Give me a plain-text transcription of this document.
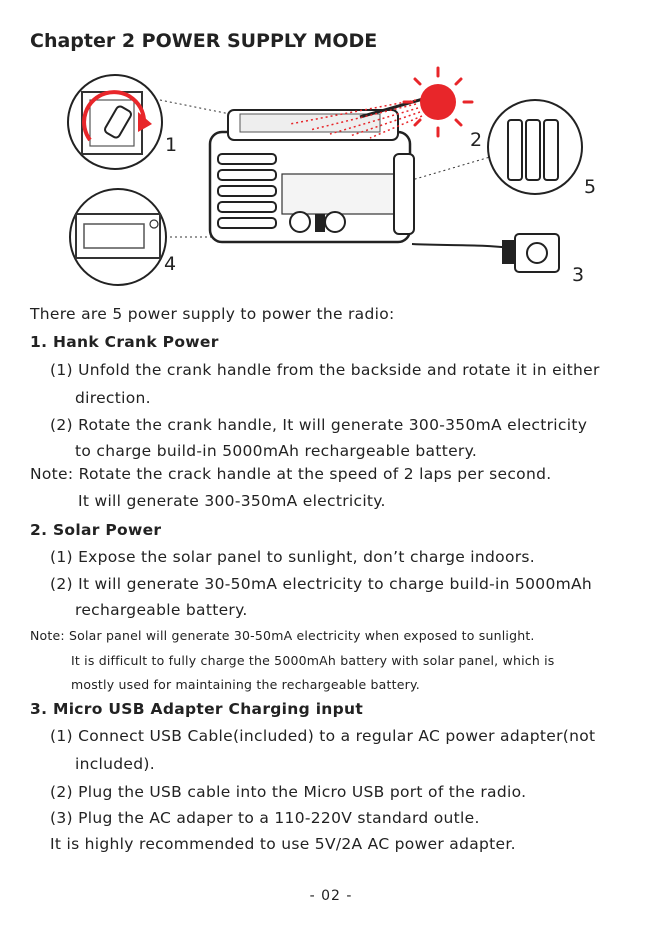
Chapter 2 POWER SUPPLY MODE
1	2
3
4
5
There are 5 power supply to power the radio:
1. Hank Crank Power
(1) Unfold the crank handle from the backside and rotate it in either
direction.
(2) Rotate the crank handle, It will generate 300-350mA electricity
to charge build-in 5000mAh rechargeable battery.
Note: Rotate the crack handle at the speed of 2 laps per second.
It will generate 300-350mA electricity.
2. Solar Power
(1) Expose the solar panel to sunlight, don’t charge indoors.
(2) It will generate 30-50mA electricity to charge build-in 5000mAh
rechargeable battery.
Note: Solar panel will generate 30-50mA electricity when exposed to sunlight.
It is difficult to fully charge the 5000mAh battery with solar panel, which is
mostly used for maintaining the rechargeable battery.
3. Micro USB Adapter Charging input
(1) Connect USB Cable(included) to a regular AC power adapter(not
included).
(2) Plug the USB cable into the Micro USB port of the radio.
(3) Plug the AC adaper to a 110-220V standard outle.
It is highly recommended to use 5V/2A AC power adapter.
- 02 -
